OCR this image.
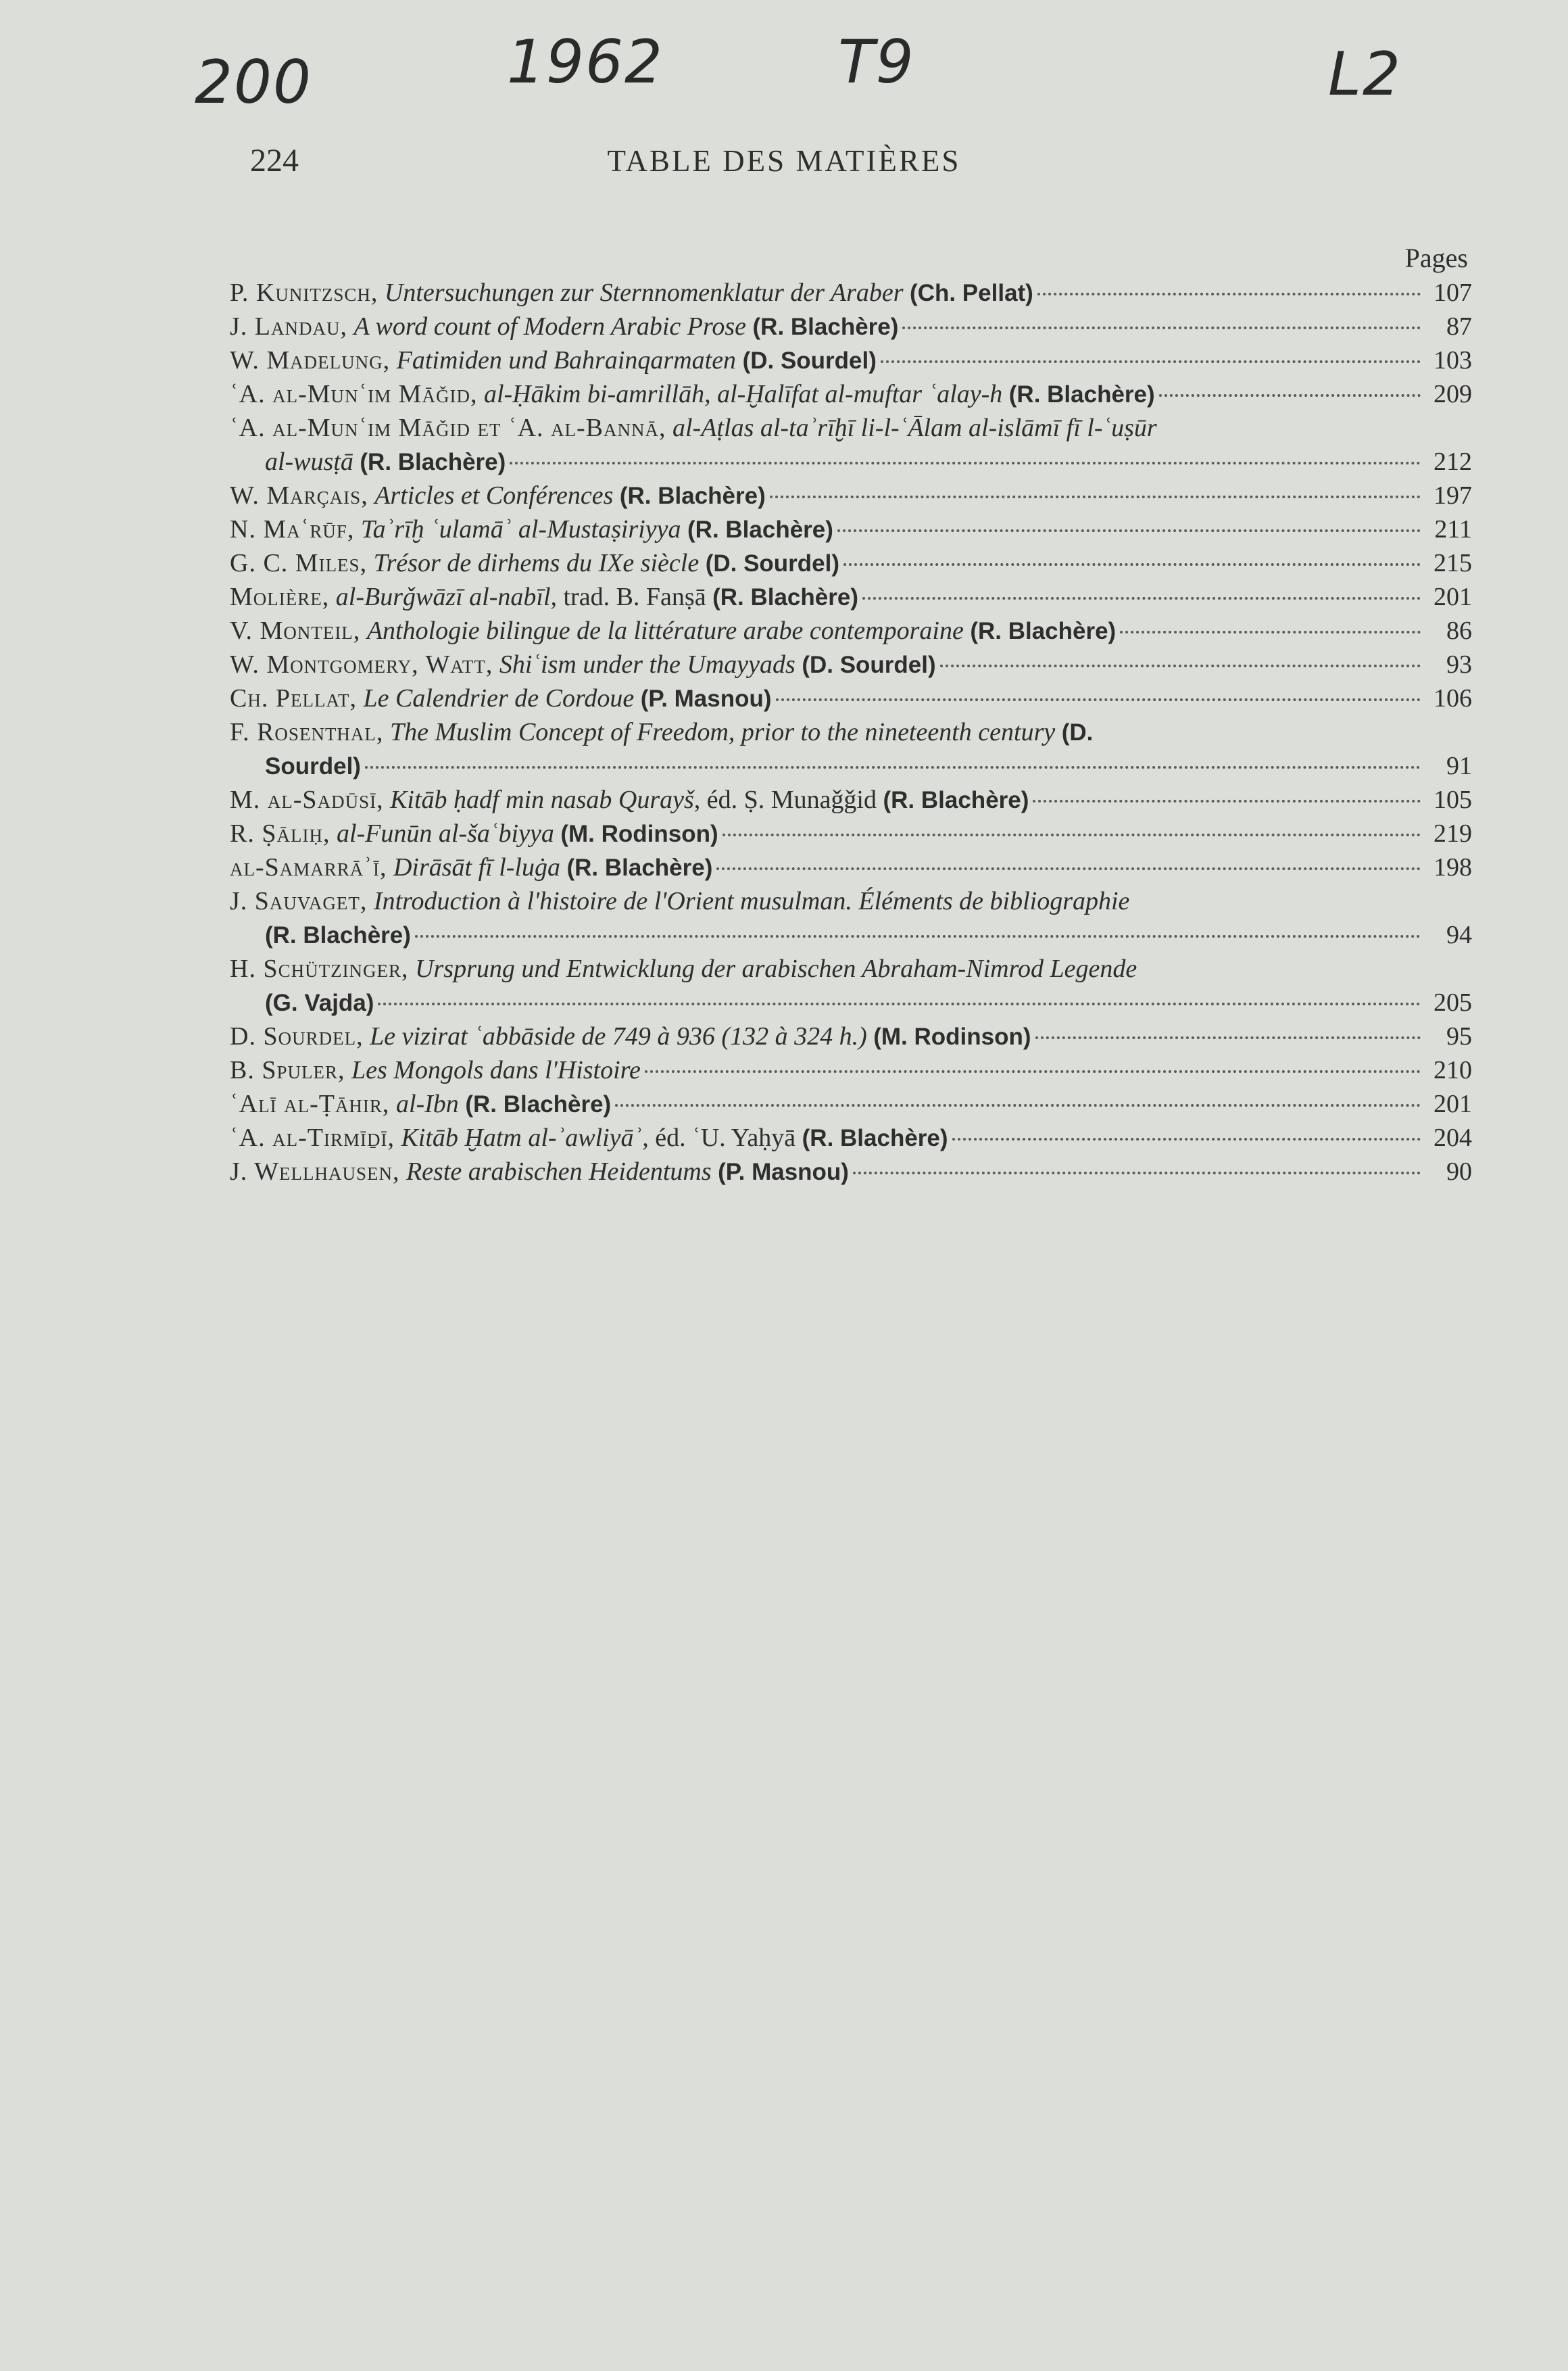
200	1962	T9	L2
224	TABLE DES MATIÈRES
Pages
P. Kunitzsch, Untersuchungen zur Sternnomenklatur der Araber (Ch. Pellat)	107
J. Landau, A word count of Modern Arabic Prose (R. Blachère)	87
W. Madelung, Fatimiden und Bahrainqarmaten (D. Sourdel)	103
ʿA. al-Munʿim Māǧid, al-Ḥākim bi-amrillāh, al-Ḫalīfat al-muftar ʿalay-h (R. Blachère)	209
ʿA. al-Munʿim Māǧid et ʿA. al-Bannā, al-Aṭlas al-taʾrīḫī li-l-ʿĀlam al-islāmī fī l-ʿuṣūr
al-wusṭā (R. Blachère)	212
W. Marçais, Articles et Conférences (R. Blachère)	197
N. Maʿrūf, Taʾrīḫ ʿulamāʾ al-Mustaṣiriyya (R. Blachère)	211
G. C. Miles, Trésor de dirhems du IXe siècle (D. Sourdel)	215
Molière, al-Burǧwāzī al-nabīl, trad. B. Fanṣā (R. Blachère)	201
V. Monteil, Anthologie bilingue de la littérature arabe contemporaine (R. Blachère)	86
W. Montgomery, Watt, Shiʿism under the Umayyads (D. Sourdel)	93
Ch. Pellat, Le Calendrier de Cordoue (P. Masnou)	106
F. Rosenthal, The Muslim Concept of Freedom, prior to the nineteenth century (D.
Sourdel)	91
M. al-Sadūsī, Kitāb ḥadf min nasab Qurayš, éd. Ṣ. Munaǧǧid (R. Blachère)	105
R. Ṣāliḥ, al-Funūn al-šaʿbiyya (M. Rodinson)	219
al-Samarrāʾī, Dirāsāt fī l-luġa (R. Blachère)	198
J. Sauvaget, Introduction à l'histoire de l'Orient musulman. Éléments de bibliographie
(R. Blachère)	94
H. Schützinger, Ursprung und Entwicklung der arabischen Abraham-Nimrod Legende
(G. Vajda)	205
D. Sourdel, Le vizirat ʿabbāside de 749 à 936 (132 à 324 h.) (M. Rodinson)	95
B. Spuler, Les Mongols dans l'Histoire	210
ʿAlī al-Ṭāhir, al-Ibn (R. Blachère)	201
ʿA. al-Tirmīḏī, Kitāb Ḫatm al-ʾawliyāʾ, éd. ʿU. Yaḥyā (R. Blachère)	204
J. Wellhausen, Reste arabischen Heidentums (P. Masnou)	90
